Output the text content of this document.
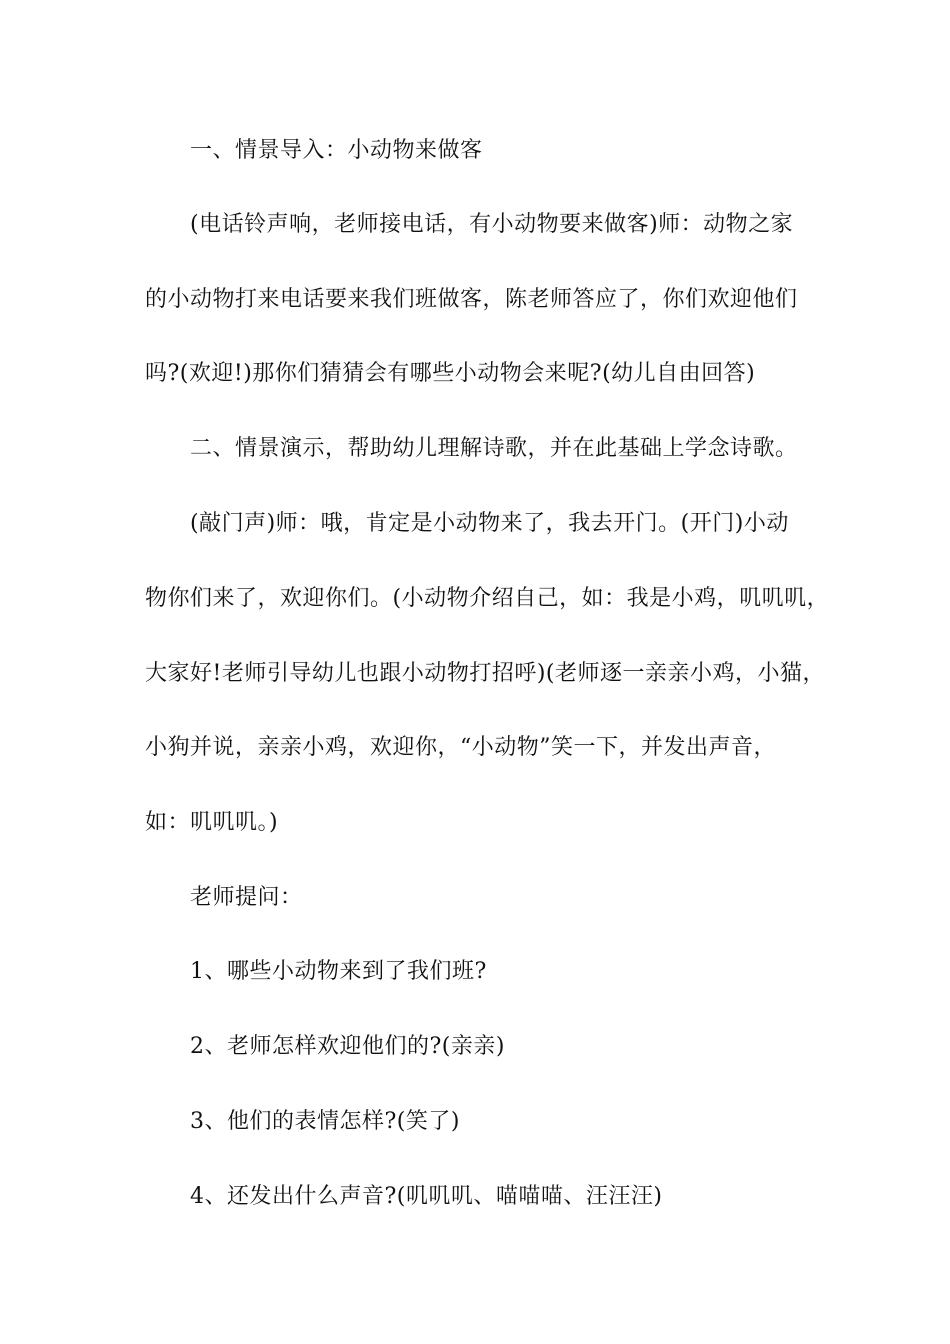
一、情景导入：小动物来做客
(电话铃声响，老师接电话，有小动物要来做客)师：动物之家
的小动物打来电话要来我们班做客，陈老师答应了，你们欢迎他们
吗?(欢迎!)那你们猜猜会有哪些小动物会来呢?(幼儿自由回答)
二、情景演示，帮助幼儿理解诗歌，并在此基础上学念诗歌。
(敲门声)师：哦，肯定是小动物来了，我去开门。(开门)小动
物你们来了，欢迎你们。(小动物介绍自己，如：我是小鸡，叽叽叽，
大家好!老师引导幼儿也跟小动物打招呼)(老师逐一亲亲小鸡，小猫，
小狗并说，亲亲小鸡，欢迎你，“小动物”笑一下，并发出声音，
如：叽叽叽。)
老师提问：
1、哪些小动物来到了我们班?
2、老师怎样欢迎他们的?(亲亲)
3、他们的表情怎样?(笑了)
4、还发出什么声音?(叽叽叽、喵喵喵、汪汪汪)
